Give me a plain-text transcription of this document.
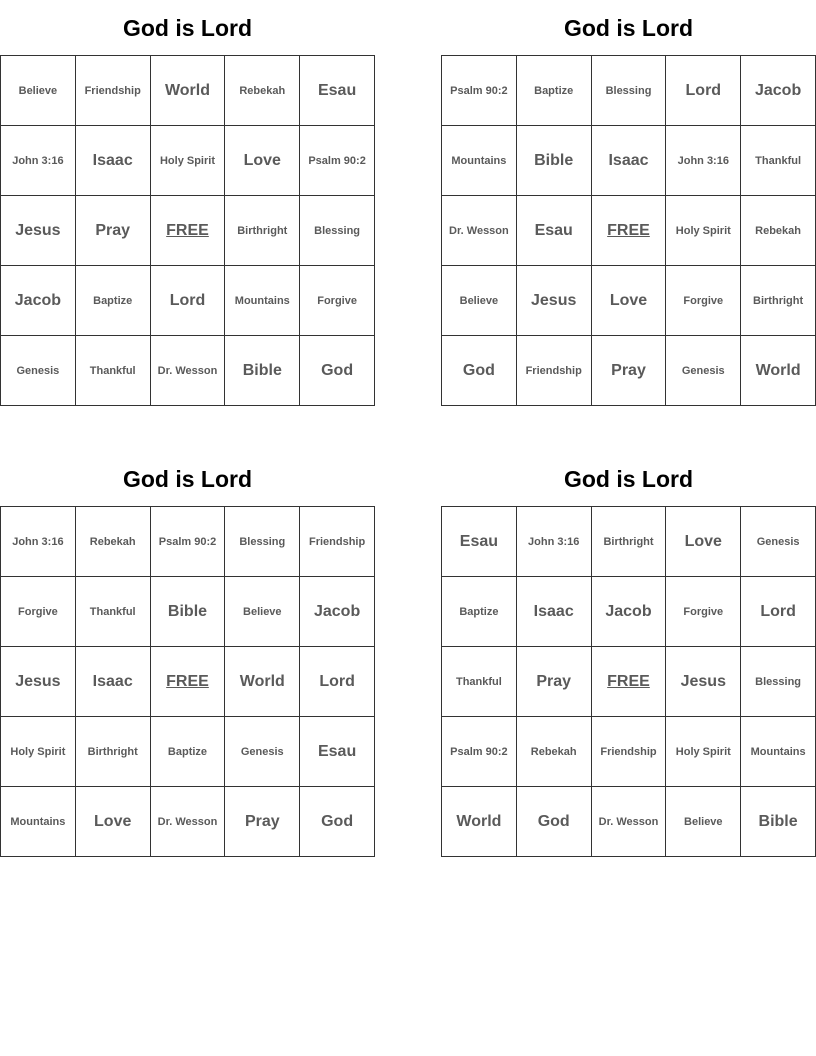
God is Lord
Believe	Friendship	World	Rebekah	Esau
John 3:16	Isaac	Holy Spirit	Love	Psalm 90:2
Jesus	Pray	FREE	Birthright	Blessing
Jacob	Baptize	Lord	Mountains	Forgive
Genesis	Thankful	Dr. Wesson	Bible	God
God is Lord
Psalm 90:2	Baptize	Blessing	Lord	Jacob
Mountains	Bible	Isaac	John 3:16	Thankful
Dr. Wesson	Esau	FREE	Holy Spirit	Rebekah
Believe	Jesus	Love	Forgive	Birthright
God	Friendship	Pray	Genesis	World
God is Lord
John 3:16	Rebekah	Psalm 90:2	Blessing	Friendship
Forgive	Thankful	Bible	Believe	Jacob
Jesus	Isaac	FREE	World	Lord
Holy Spirit	Birthright	Baptize	Genesis	Esau
Mountains	Love	Dr. Wesson	Pray	God
God is Lord
Esau	John 3:16	Birthright	Love	Genesis
Baptize	Isaac	Jacob	Forgive	Lord
Thankful	Pray	FREE	Jesus	Blessing
Psalm 90:2	Rebekah	Friendship	Holy Spirit	Mountains
World	God	Dr. Wesson	Believe	Bible
